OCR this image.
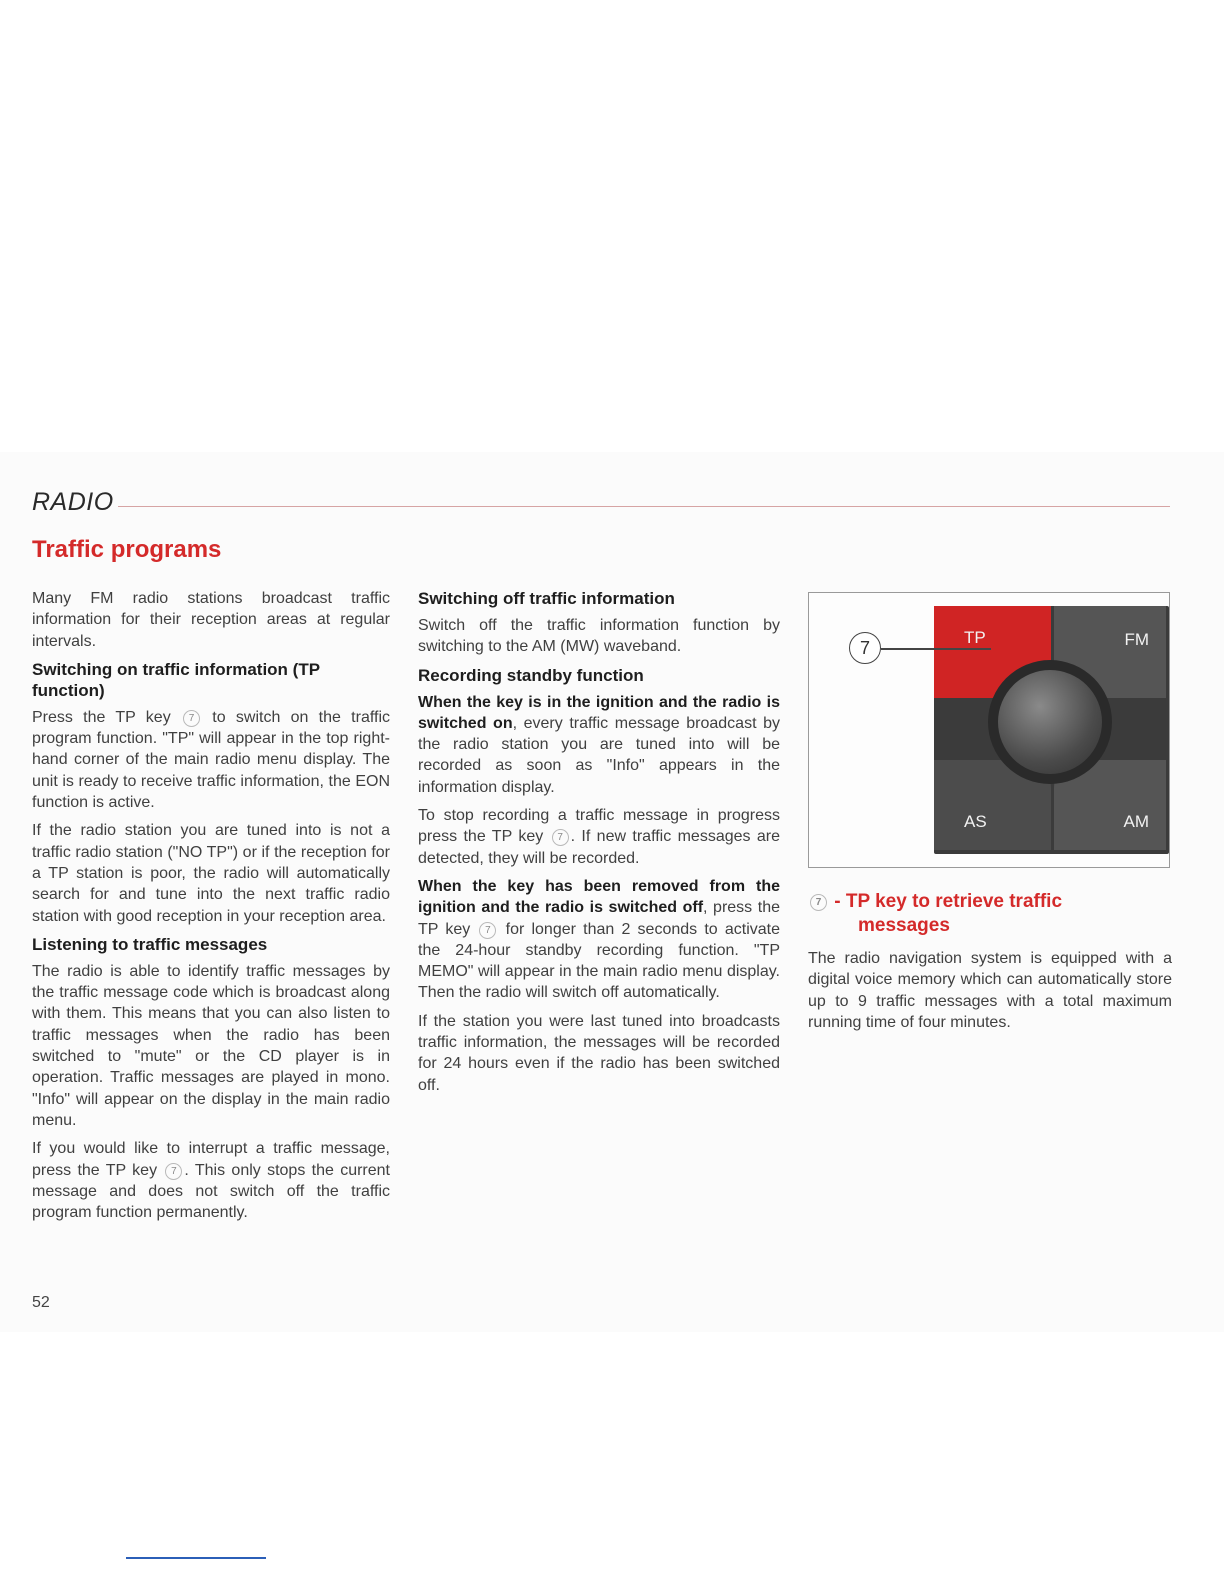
RADIO
Traffic programs

Many FM radio stations broadcast traffic information for their reception areas at regular intervals.

Switching on traffic information (TP function)

Press the TP key 7 to switch on the traffic program function. "TP" will appear in the top right-hand corner of the main radio menu display. The unit is ready to receive traffic information, the EON function is active.

If the radio station you are tuned into is not a traffic radio station ("NO TP") or if the reception for a TP station is poor, the radio will automatically search for and tune into the next traffic radio station with good reception in your reception area.

Listening to traffic messages

The radio is able to identify traffic messages by the traffic message code which is broadcast along with them. This means that you can also listen to traffic messages when the radio has been switched to "mute" or the CD player is in operation. Traffic messages are played in mono. "Info" will appear on the display in the main radio menu.

If you would like to interrupt a traffic message, press the TP key 7 . This only stops the current message and does not switch off the traffic program function permanently.

Switching off traffic information

Switch off the traffic information function by switching to the AM (MW) waveband.

Recording standby function

When the key is in the ignition and the radio is switched on, every traffic message broadcast by the radio station you are tuned into will be recorded as soon as "Info" appears in the information display.

To stop recording a traffic message in progress press the TP key 7 . If new traffic messages are detected, they will be recorded.

When the key has been removed from the ignition and the radio is switched off, press the TP key 7 for longer than 2 seconds to activate the 24-hour standby recording function. "TP MEMO" will appear in the main radio menu display. Then the radio will switch off automatically.

If the station you were last tuned into broadcasts traffic information, the messages will be recorded for 24 hours even if the radio has been switched off.

TP	FM
AS	AM
7
7 - TP key to retrieve traffic
messages

The radio navigation system is equipped with a digital voice memory which can automatically store up to 9 traffic messages with a total maximum running time of four minutes.

52
